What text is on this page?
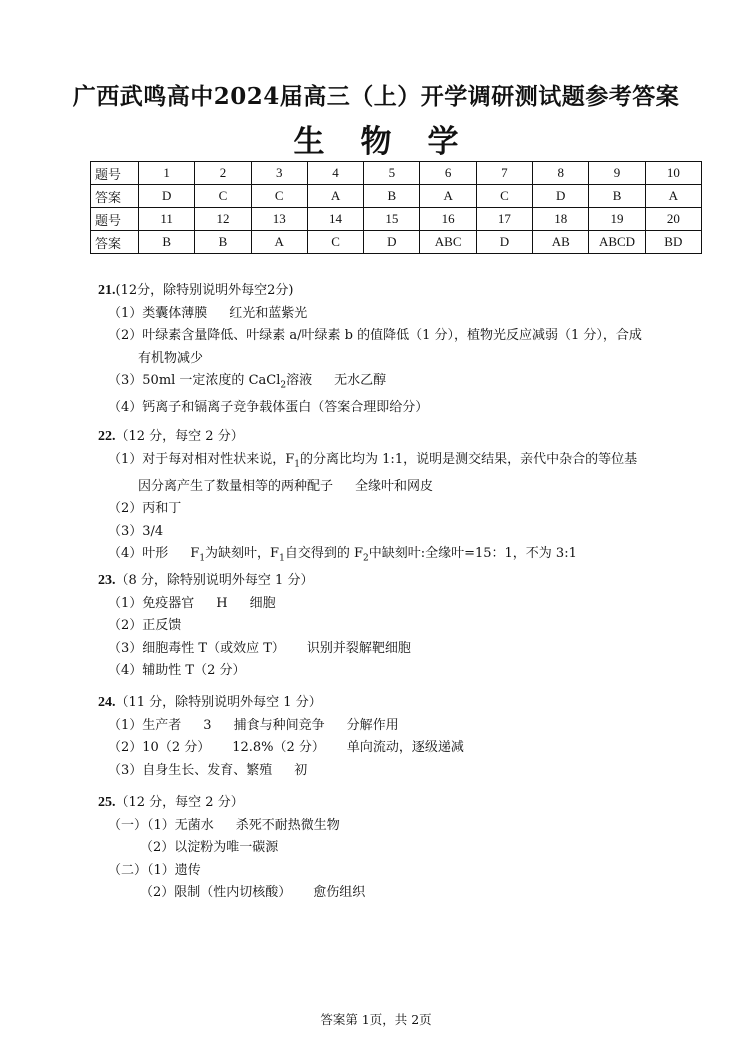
广西武鸣高中2024届高三（上）开学调研测试题参考答案
生物学
题号	1	2	3	4	5	6	7	8	9	10
答案	D	C	C	A	B	A	C	D	B	A
题号	11	12	13	14	15	16	17	18	19	20
答案	B	B	A	C	D	ABC	D	AB	ABCD	BD
21.(12分，除特别说明外每空2分)
（1）类囊体薄膜 红光和蓝紫光
（2）叶绿素含量降低、叶绿素 a/叶绿素 b 的值降低（1 分），植物光反应减弱（1 分），合成
有机物减少
（3）50ml 一定浓度的 CaCl$_2$溶液 无水乙醇
（4）钙离子和镉离子竞争载体蛋白（答案合理即给分）
22.（12 分，每空 2 分）
（1）对于每对相对性状来说，$F_1$的分离比均为 1:1，说明是测交结果，亲代中杂合的等位基
因分离产生了数量相等的两种配子 全缘叶和网皮
（2）丙和丁
（3）3/4
（4）叶形 $F_1$为缺刻叶，$F_1$自交得到的 $F_2$中缺刻叶:全缘叶=15：1，不为 3:1
23.（8 分，除特别说明外每空 1 分）
（1）免疫器官 H 细胞
（2）正反馈
（3）细胞毒性 T（或效应 T） 识别并裂解靶细胞
（4）辅助性 T（2 分）
24.（11 分，除特别说明外每空 1 分）
（1）生产者 3 捕食与种间竞争 分解作用
（2）10（2 分） 12.8%（2 分） 单向流动，逐级递减
（3）自身生长、发育、繁殖 初
25.（12 分，每空 2 分）
（一）（1）无菌水 杀死不耐热微生物
（2）以淀粉为唯一碳源
（二）（1）遗传
（2）限制（性内切核酸） 愈伤组织
答案第 1页，共 2页
